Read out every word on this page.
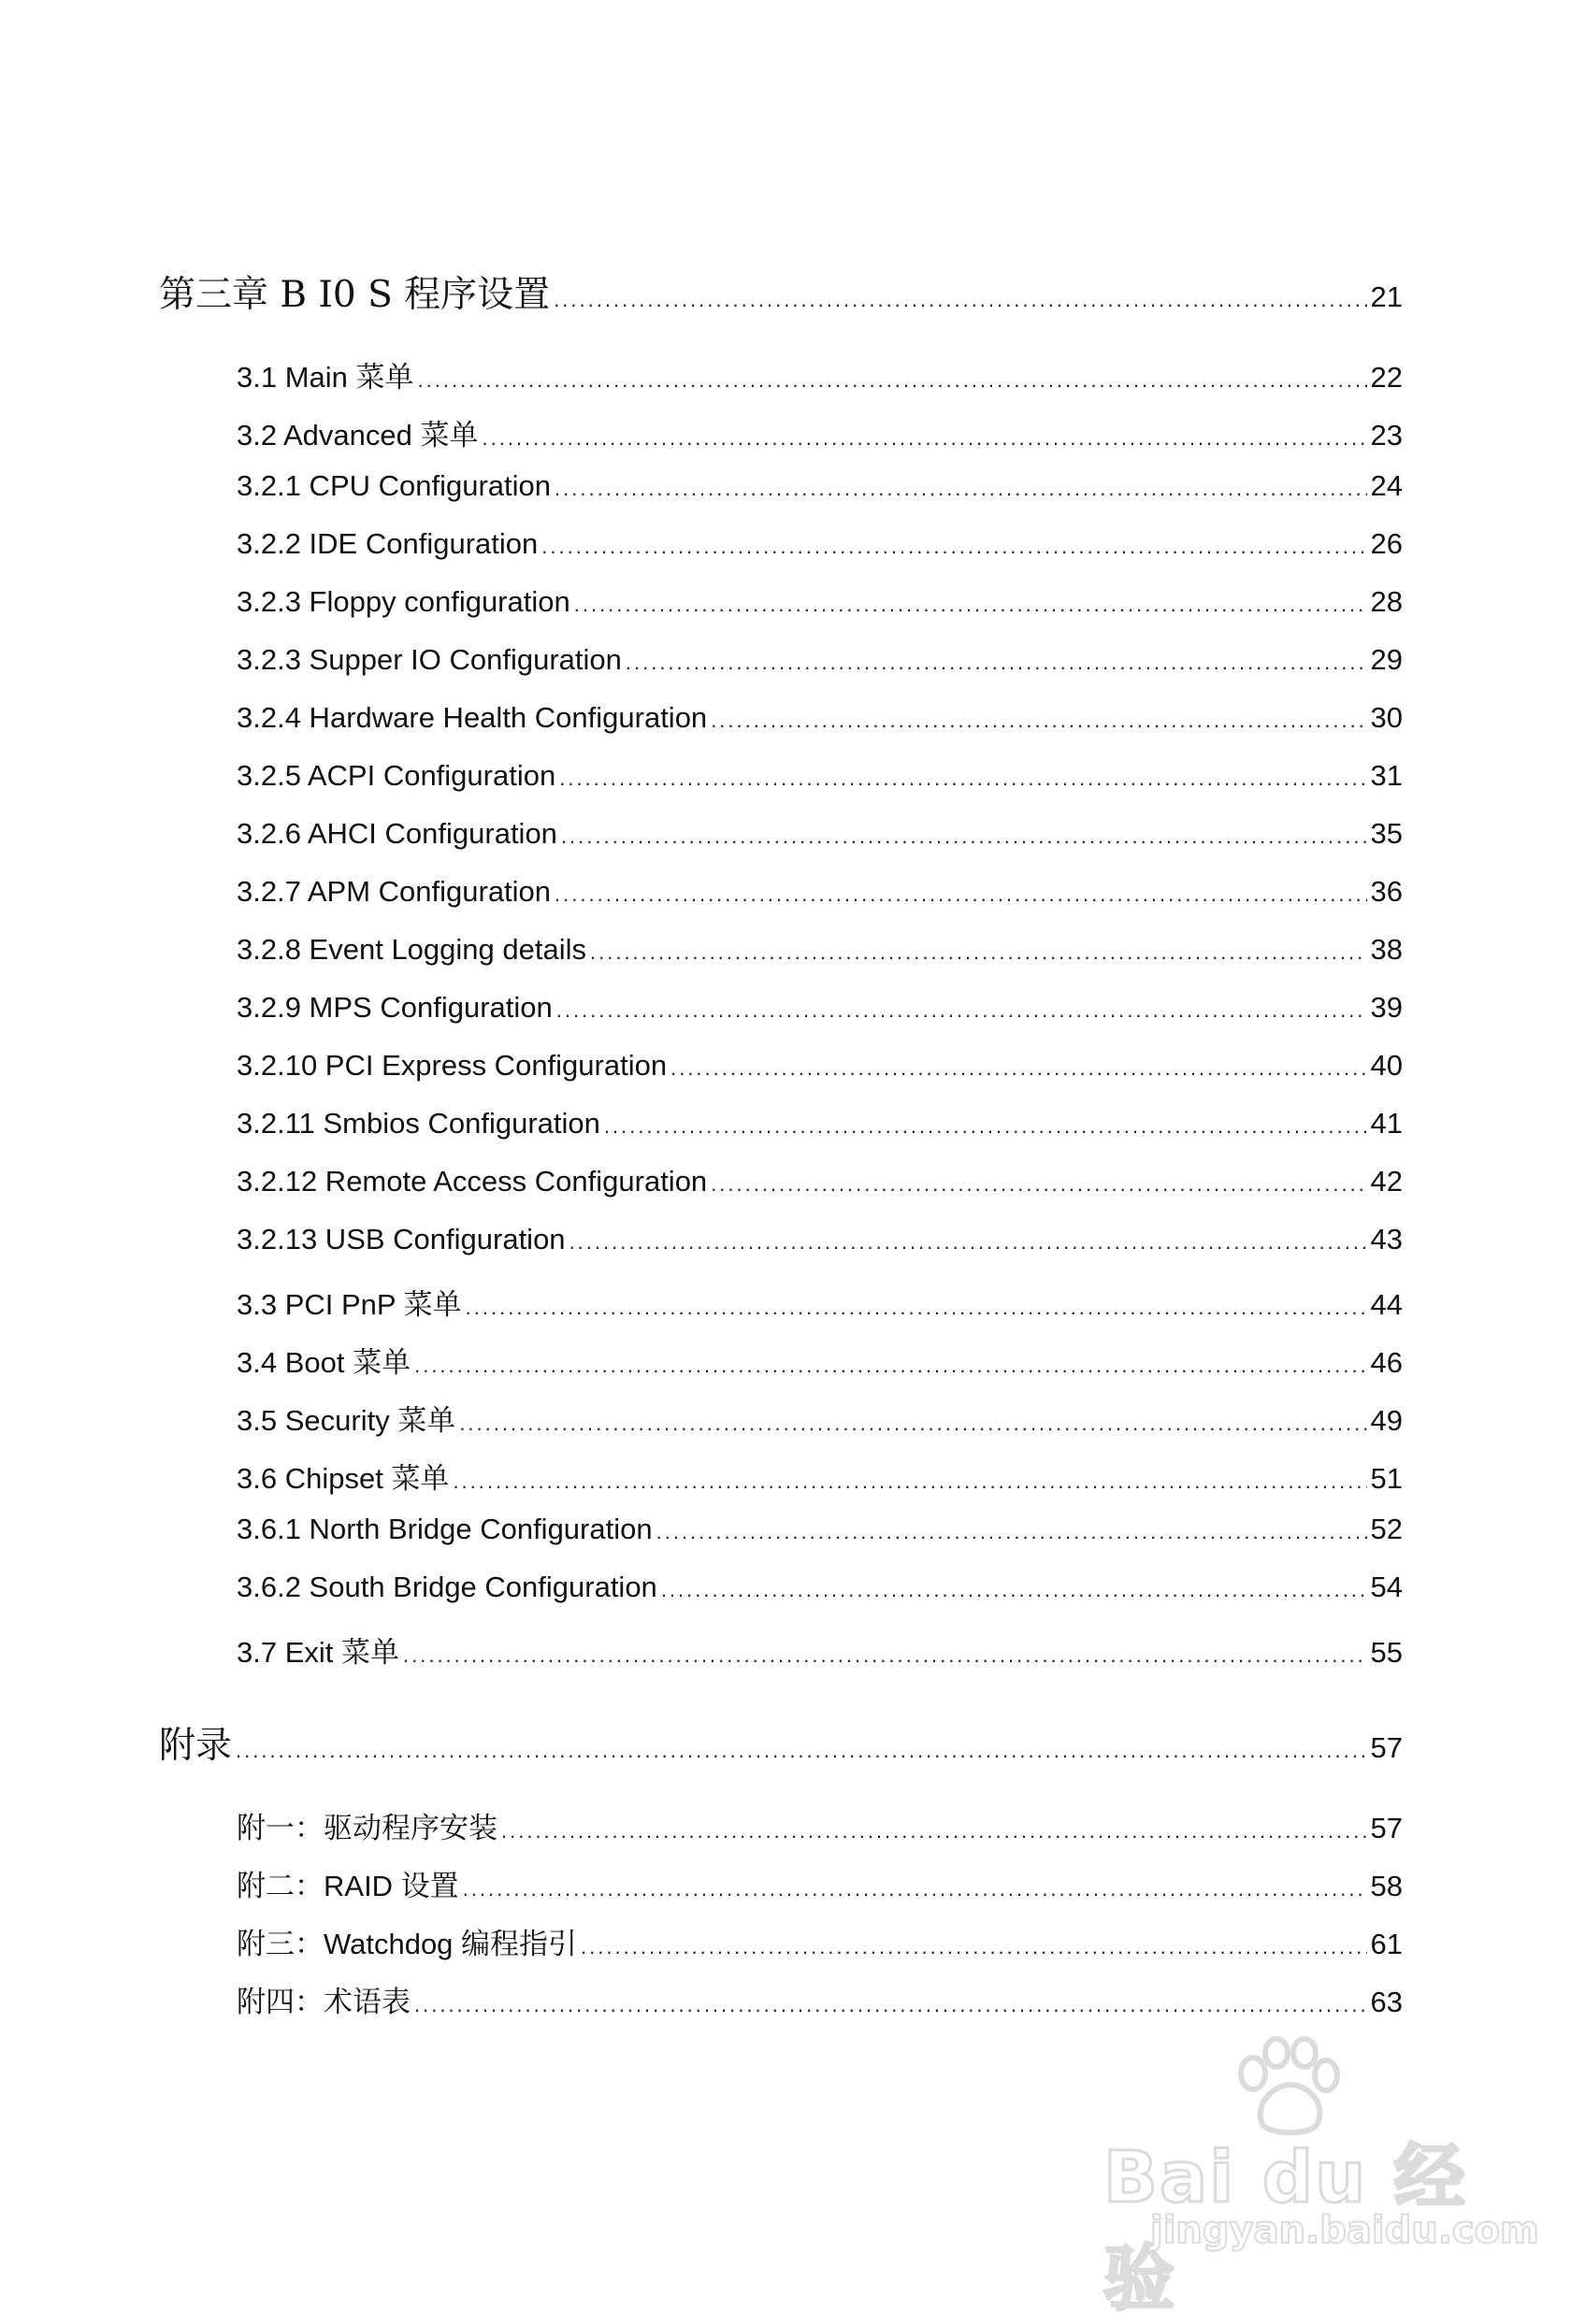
第三章 B I0 S 程序设置 .....	21
3.1 Main 菜单 .....	22
3.2 Advanced 菜单 .....	23
3.2.1 CPU Configuration .....	24
3.2.2 IDE Configuration .....	26
3.2.3 Floppy configuration .....	28
3.2.3 Supper IO Configuration .....	29
3.2.4 Hardware Health Configuration .....	30
3.2.5 ACPI Configuration .....	31
3.2.6 AHCI Configuration .....	35
3.2.7 APM Configuration .....	36
3.2.8 Event Logging details .....	38
3.2.9 MPS Configuration .....	39
3.2.10 PCI Express Configuration .....	40
3.2.11 Smbios Configuration .....	41
3.2.12 Remote Access Configuration .....	42
3.2.13 USB Configuration .....	43
3.3 PCI PnP 菜单 .....	44
3.4 Boot 菜单 .....	46
3.5 Security 菜单 .....	49
3.6 Chipset 菜单 .....	51
3.6.1 North Bridge Configuration .....	52
3.6.2 South Bridge Configuration .....	54
3.7 Exit 菜单 .....	55
附录 .....	57
附一：驱动程序安装 .....	57
附二：RAID 设置 .....	58
附三：Watchdog 编程指引 .....	61
附四：术语表 .....	63
Bai du 经验
jingyan.baidu.com
